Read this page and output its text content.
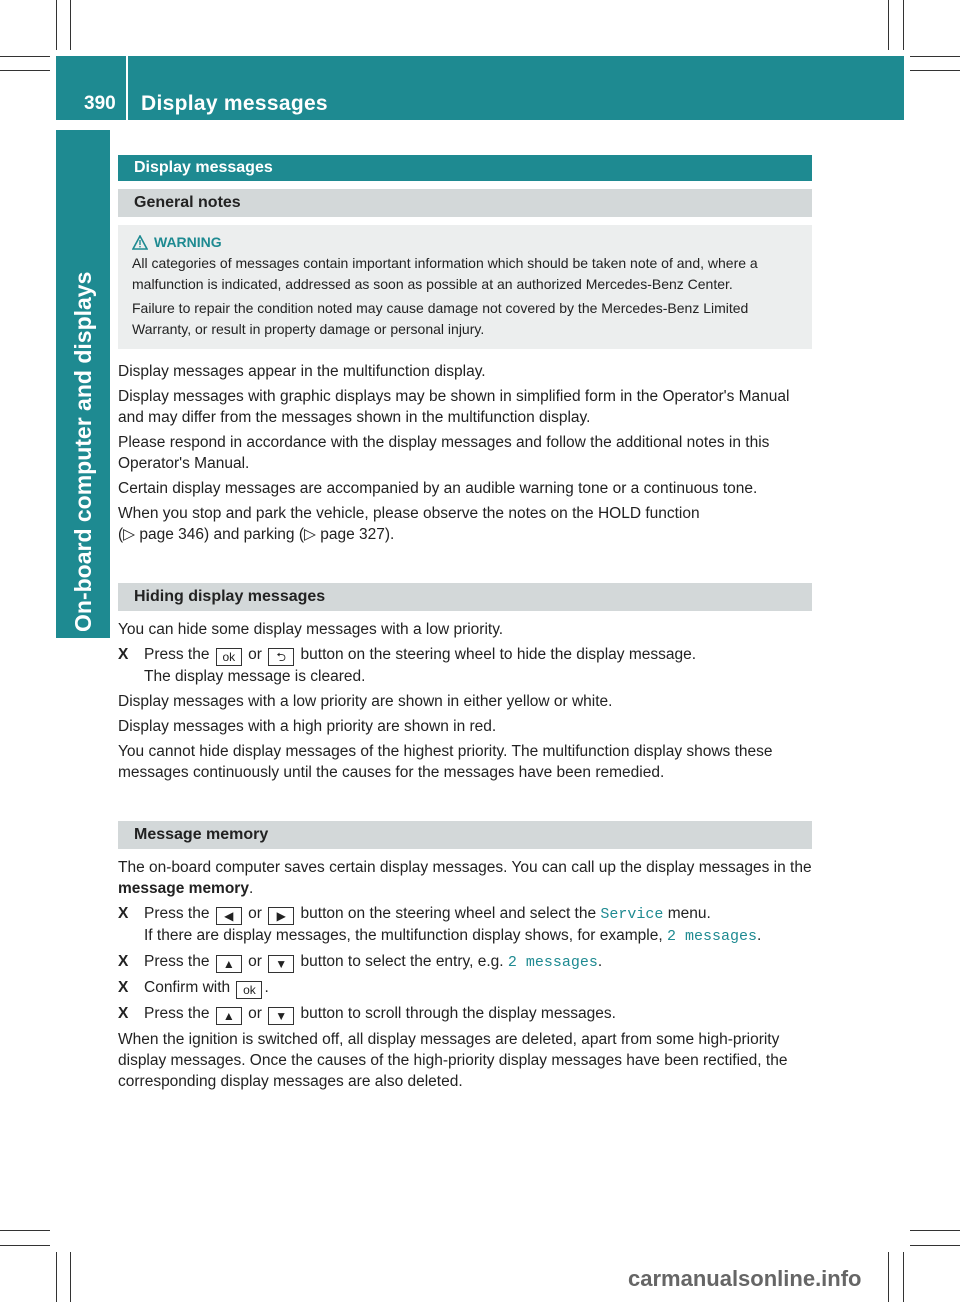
390	Display messages
On-board computer and displays
Display messages
General notes
WARNING

All categories of messages contain important information which should be taken note of and, where a malfunction is indicated, addressed as soon as possible at an authorized Mercedes-Benz Center.

Failure to repair the condition noted may cause damage not covered by the Mercedes-Benz Limited Warranty, or result in property damage or personal injury.

Display messages appear in the multifunction display.

Display messages with graphic displays may be shown in simplified form in the Operator's Manual and may differ from the messages shown in the multifunction display.

Please respond in accordance with the display messages and follow the additional notes in this Operator's Manual.

Certain display messages are accompanied by an audible warning tone or a continuous tone.

When you stop and park the vehicle, please observe the notes on the HOLD function
(▷ page 346) and parking (▷ page 327).

Hiding display messages

You can hide some display messages with a low priority.

X	Press the ok or ⮌ button on the steering wheel to hide the display message.
The display message is cleared.

Display messages with a low priority are shown in either yellow or white.

Display messages with a high priority are shown in red.

You cannot hide display messages of the highest priority. The multifunction display shows these messages continuously until the causes for the messages have been remedied.

Message memory

The on-board computer saves certain display messages. You can call up the display messages in the message memory.

X	Press the ◀ or ▶ button on the steering wheel and select the Service menu.
If there are display messages, the multifunction display shows, for example, 2 messages.
X	Press the ▲ or ▼ button to select the entry, e.g. 2 messages.
X	Confirm with ok .
X	Press the ▲ or ▼ button to scroll through the display messages.

When the ignition is switched off, all display messages are deleted, apart from some high-priority display messages. Once the causes of the high-priority display messages have been rectified, the corresponding display messages are also deleted.

carmanualsonline.info
